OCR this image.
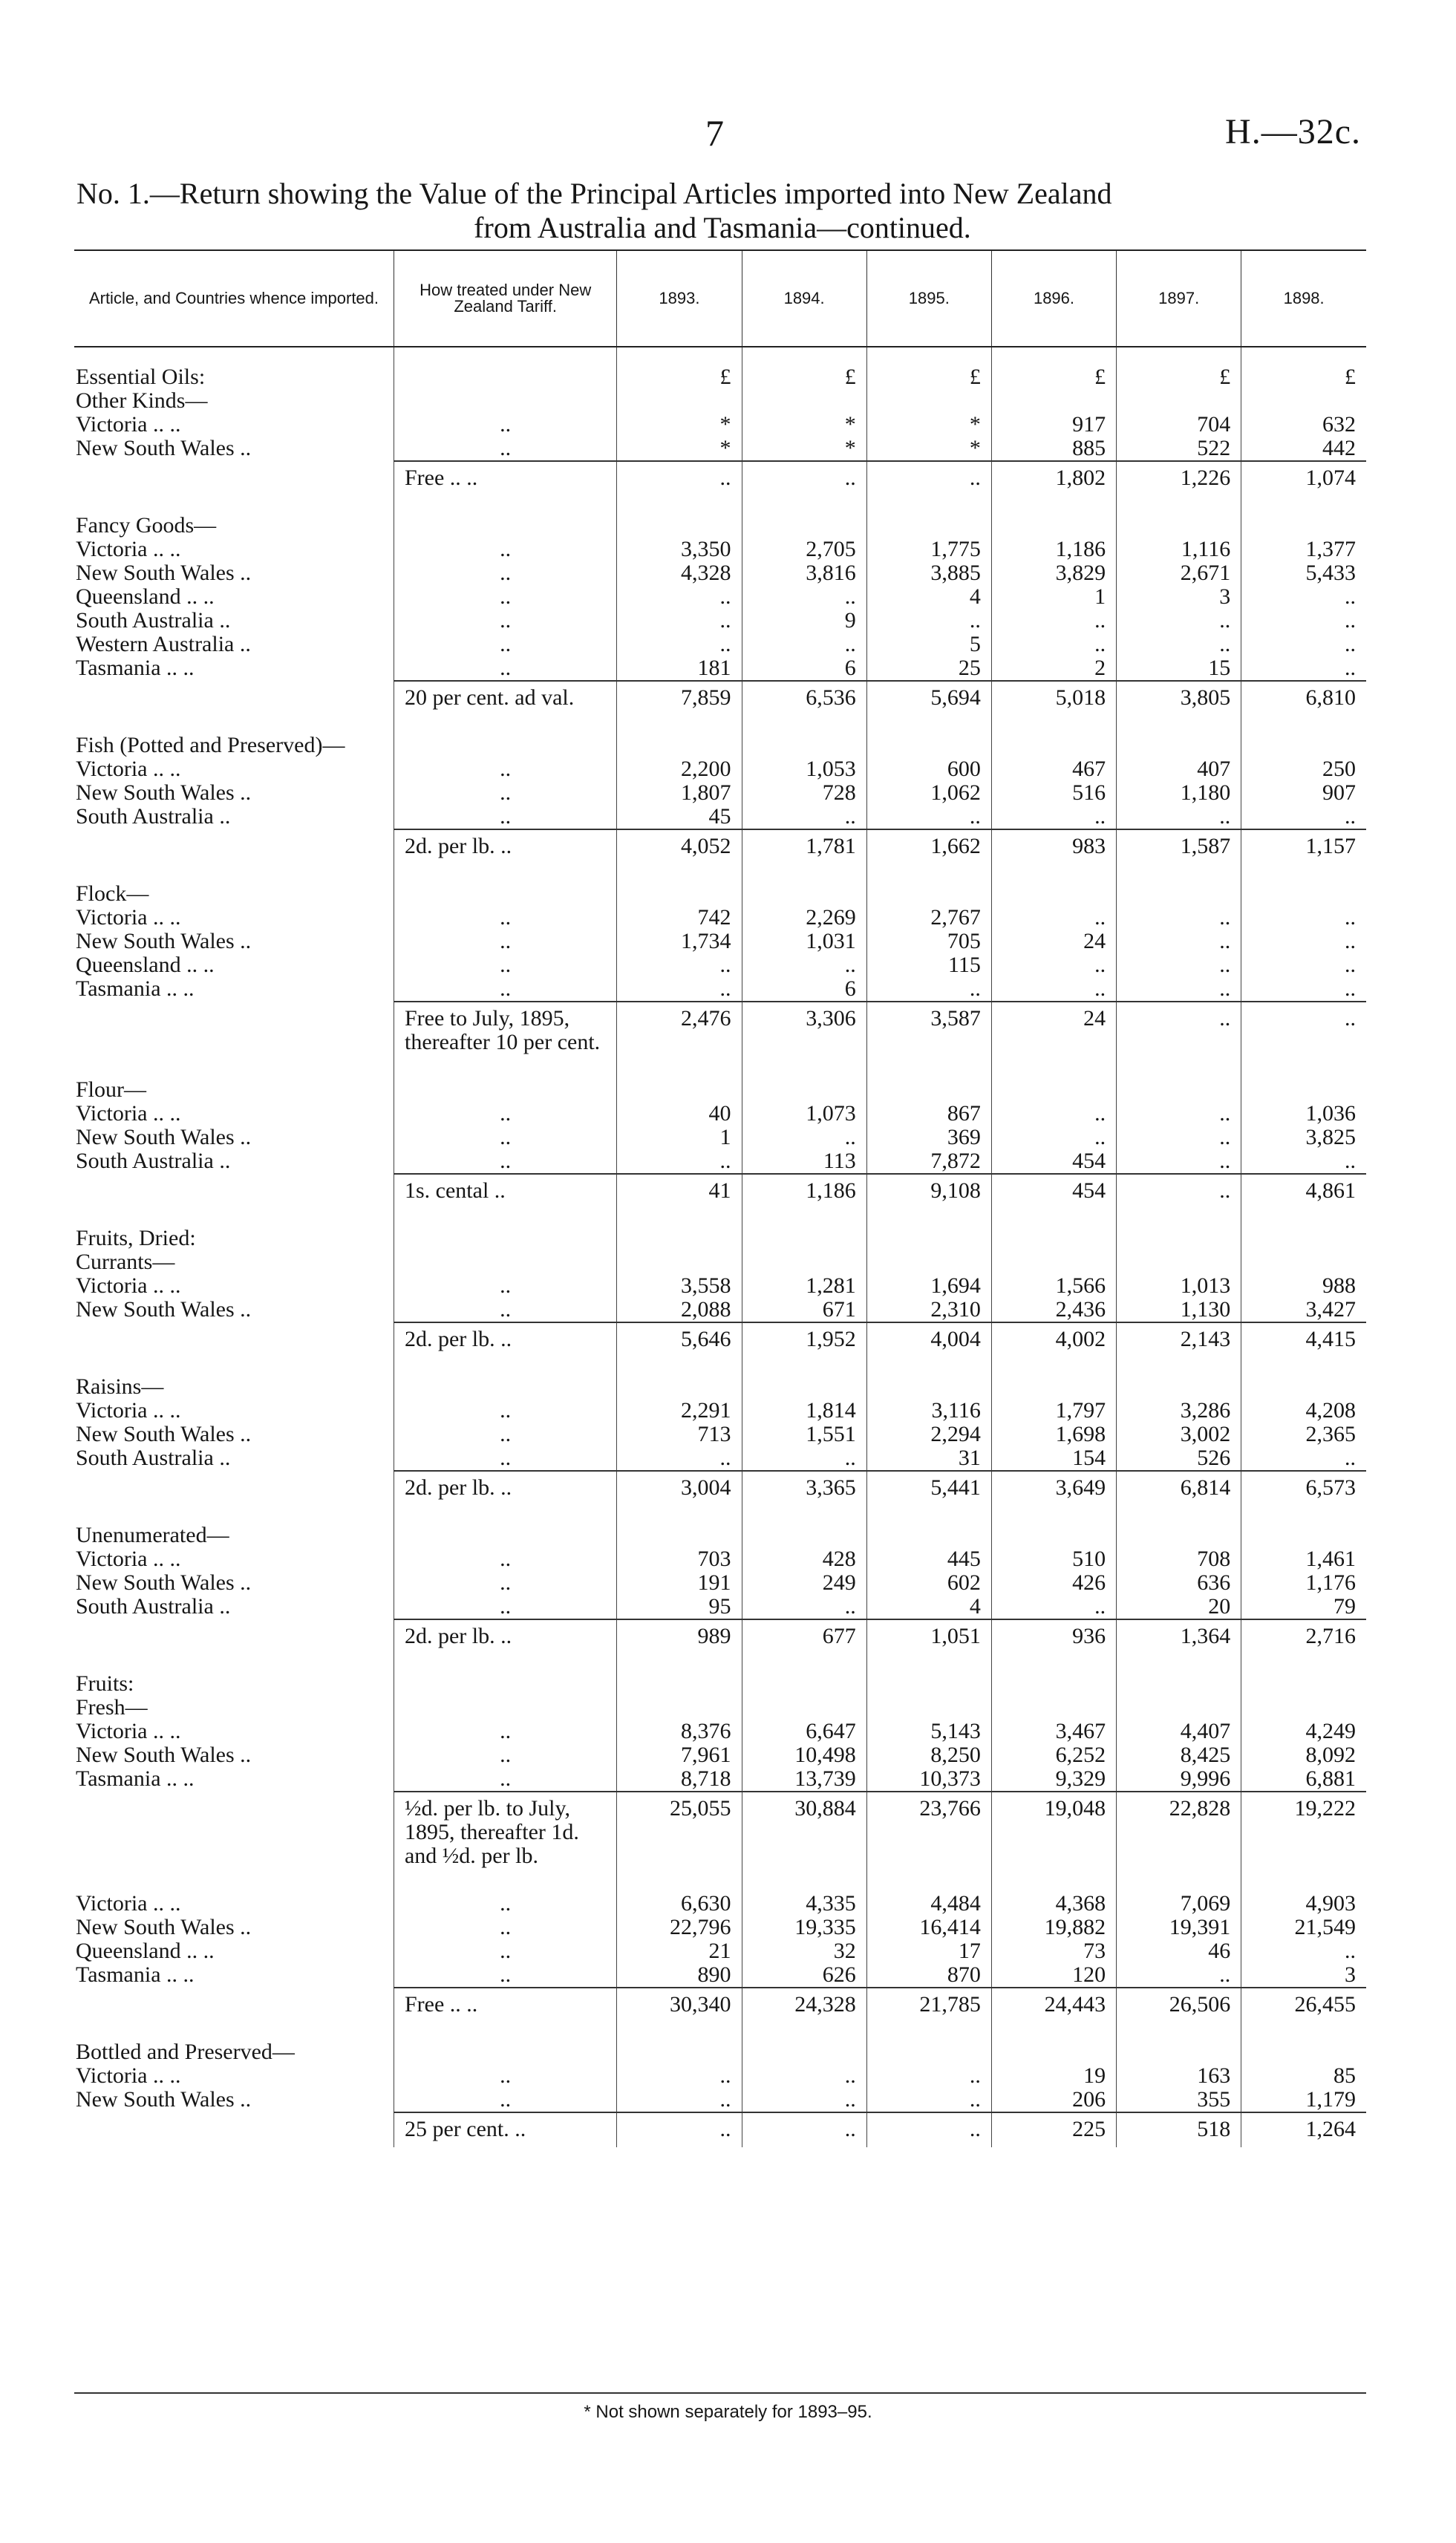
7	H.—32c.
No. 1.—Return showing the Value of the Principal Articles imported into New Zealand
from Australia and Tasmania—continued.
Article, and Countries whence imported.	How treated under New Zealand Tariff.	1893.	1894.	1895.	1896.	1897.	1898.

Essential Oils:		£	£	£	£	£	£
Other Kinds—							
Victoria .. ..	..	*	*	*	917	704	632
New South Wales ..	..	*	*	*	885	522	442
	Free .. ..	..	..	..	1,802	1,226	1,074

Fancy Goods—							
Victoria .. ..	..	3,350	2,705	1,775	1,186	1,116	1,377
New South Wales ..	..	4,328	3,816	3,885	3,829	2,671	5,433
Queensland .. ..	..	..	..	4	1	3	..
South Australia ..	..	..	9	..	..	..	..
Western Australia ..	..	..	..	5	..	..	..
Tasmania .. ..	..	181	6	25	2	15	..
	20 per cent. ad val.	7,859	6,536	5,694	5,018	3,805	6,810

Fish (Potted and Preserved)—							
Victoria .. ..	..	2,200	1,053	600	467	407	250
New South Wales ..	..	1,807	728	1,062	516	1,180	907
South Australia ..	..	45	..	..	..	..	..
	2d. per lb. ..	4,052	1,781	1,662	983	1,587	1,157

Flock—							
Victoria .. ..	..	742	2,269	2,767	..	..	..
New South Wales ..	..	1,734	1,031	705	24	..	..
Queensland .. ..	..	..	..	115	..	..	..
Tasmania .. ..	..	..	6	..	..	..	..
	Free to July, 1895, thereafter 10 per cent.	2,476	3,306	3,587	24	..	..

Flour—							
Victoria .. ..	..	40	1,073	867	..	..	1,036
New South Wales ..	..	1	..	369	..	..	3,825
South Australia ..	..	..	113	7,872	454	..	..
	1s. cental ..	41	1,186	9,108	454	..	4,861

Fruits, Dried:							
Currants—							
Victoria .. ..	..	3,558	1,281	1,694	1,566	1,013	988
New South Wales ..	..	2,088	671	2,310	2,436	1,130	3,427
	2d. per lb. ..	5,646	1,952	4,004	4,002	2,143	4,415

Raisins—							
Victoria .. ..	..	2,291	1,814	3,116	1,797	3,286	4,208
New South Wales ..	..	713	1,551	2,294	1,698	3,002	2,365
South Australia ..	..	..	..	31	154	526	..
	2d. per lb. ..	3,004	3,365	5,441	3,649	6,814	6,573

Unenumerated—							
Victoria .. ..	..	703	428	445	510	708	1,461
New South Wales ..	..	191	249	602	426	636	1,176
South Australia ..	..	95	..	4	..	20	79
	2d. per lb. ..	989	677	1,051	936	1,364	2,716

Fruits:							
Fresh—							
Victoria .. ..	..	8,376	6,647	5,143	3,467	4,407	4,249
New South Wales ..	..	7,961	10,498	8,250	6,252	8,425	8,092
Tasmania .. ..	..	8,718	13,739	10,373	9,329	9,996	6,881
	½d. per lb. to July, 1895, thereafter 1d. and ½d. per lb.	25,055	30,884	23,766	19,048	22,828	19,222

Victoria .. ..	..	6,630	4,335	4,484	4,368	7,069	4,903
New South Wales ..	..	22,796	19,335	16,414	19,882	19,391	21,549
Queensland .. ..	..	21	32	17	73	46	..
Tasmania .. ..	..	890	626	870	120	..	3
	Free .. ..	30,340	24,328	21,785	24,443	26,506	26,455

Bottled and Preserved—							
Victoria .. ..	..	..	..	..	19	163	85
New South Wales ..	..	..	..	..	206	355	1,179
	25 per cent. ..	..	..	..	225	518	1,264
* Not shown separately for 1893–95.
